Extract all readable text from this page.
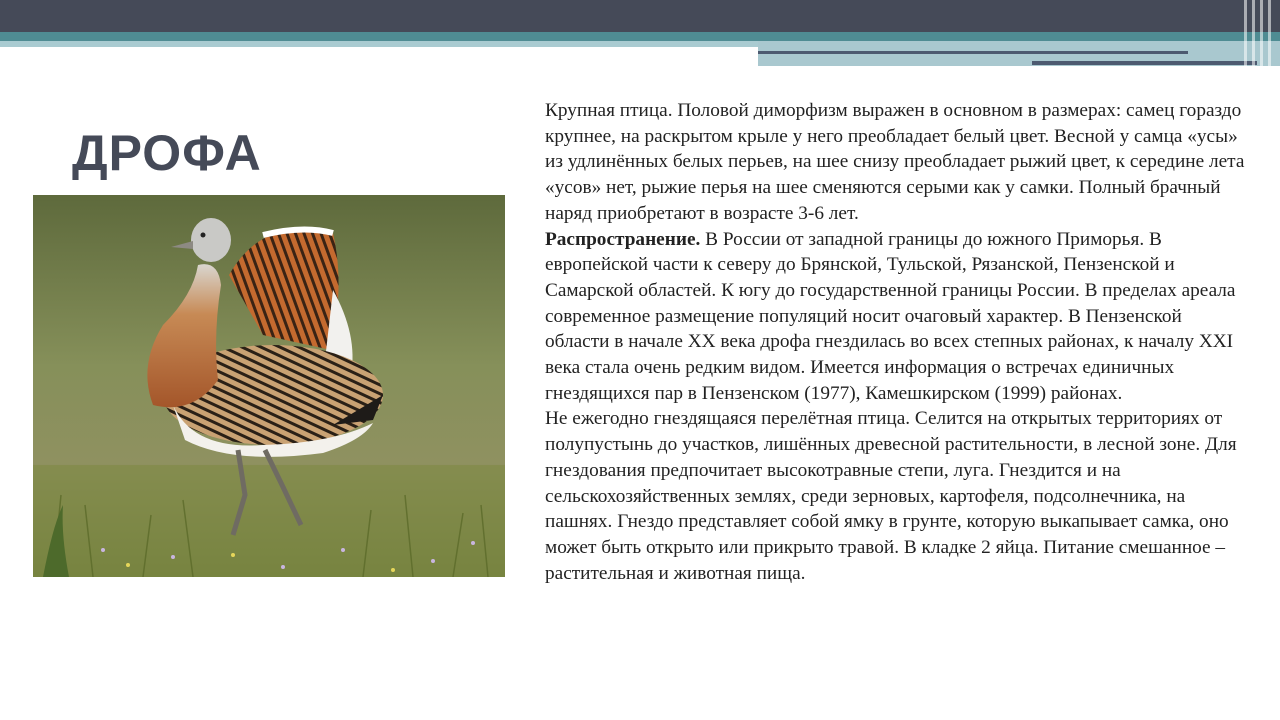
ДРОФА

Крупная птица. Половой диморфизм выражен в основном в размерах: самец гораздо крупнее, на раскрытом крыле у него преобладает белый цвет. Весной у самца «усы» из удлинённых белых перьев, на шее снизу преобладает рыжий цвет, к середине лета «усов» нет, рыжие перья на шее сменяются серыми как у самки. Полный брачный наряд приобретают в возрасте 3-6 лет.

Распространение. В России от западной границы до южного Приморья. В европейской части к северу до Брянской, Тульской, Рязанской, Пензенской и Самарской областей. К югу до государственной границы России. В пределах ареала современное размещение популяций носит очаговый характер. В Пензенской области в начале XX века дрофа гнездилась во всех степных районах, к началу XXI века стала очень редким видом. Имеется информация о встречах единичных гнездящихся пар в Пензенском (1977), Камешкирском (1999) районах.

Не ежегодно гнездящаяся перелётная птица. Селится на открытых территориях от полупустынь до участков, лишённых древесной растительности, в лесной зоне. Для гнездования предпочитает высокотравные степи, луга. Гнездится и на сельскохозяйственных землях, среди зерновых, картофеля, подсолнечника, на пашнях. Гнездо представляет собой ямку в грунте, которую выкапывает самка, оно может быть открыто или прикрыто травой. В кладке 2 яйца. Питание смешанное – растительная и животная пища.
